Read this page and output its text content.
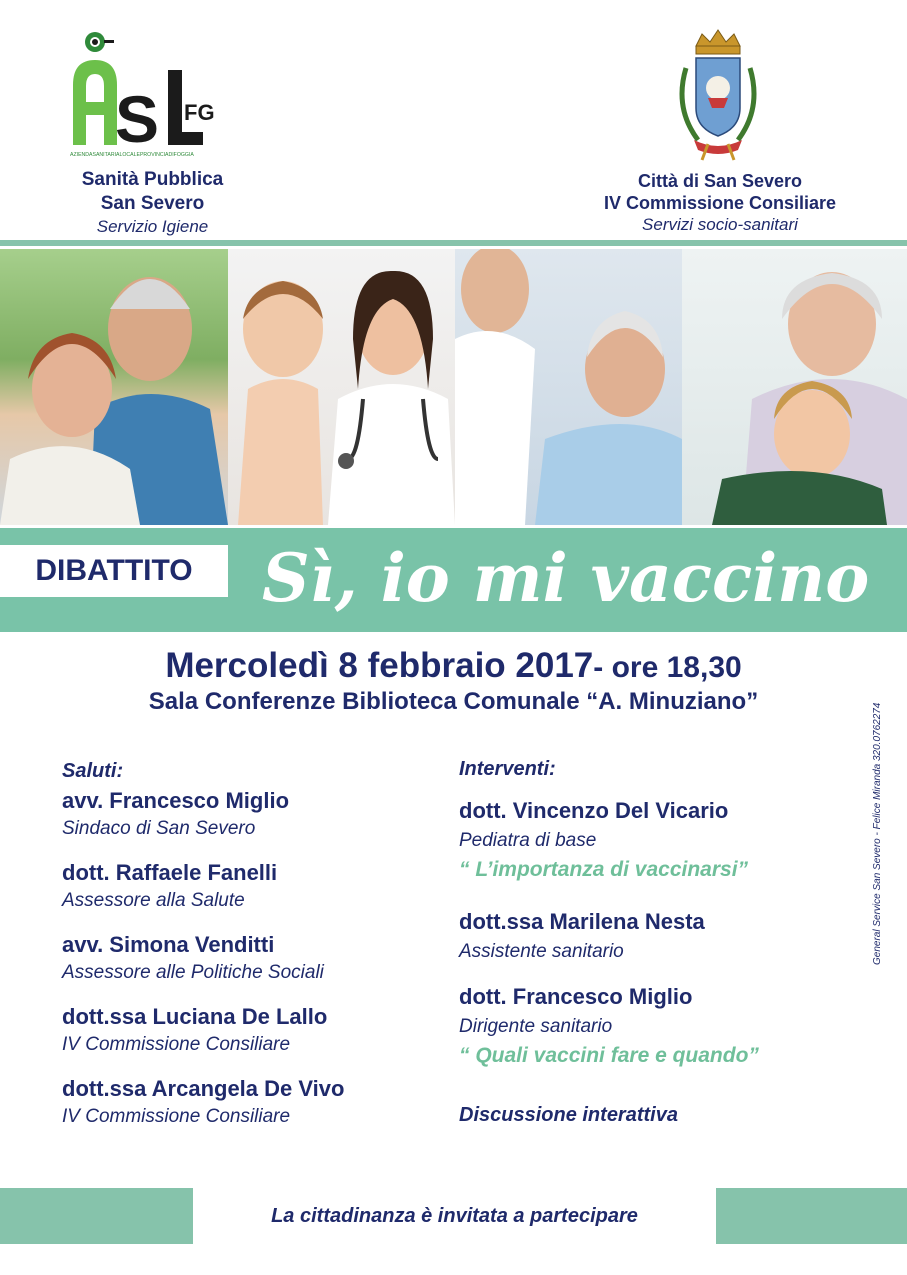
S FG
AZIENDASANITARIALOCALEPROVINCIADIFOGGIA
Sanità Pubblica
San Severo
Servizio Igiene
Città di San Severo
IV Commissione Consiliare
Servizi socio-sanitari
DIBATTITO	Sì, io mi vaccino
Mercoledì 8 febbraio 2017- ore 18,30
Sala Conferenze Biblioteca Comunale “A. Minuziano”
Saluti:
avv. Francesco Miglio
Sindaco di San Severo
dott. Raffaele Fanelli
Assessore alla Salute
avv. Simona Venditti
Assessore alle Politiche Sociali
dott.ssa Luciana De Lallo
IV Commissione Consiliare
dott.ssa Arcangela De Vivo
IV Commissione Consiliare
Interventi:
dott. Vincenzo Del Vicario
Pediatra di base
“ L’importanza di vaccinarsi”
dott.ssa Marilena Nesta
Assistente sanitario
dott. Francesco Miglio
Dirigente sanitario
“ Quali vaccini fare e quando”
Discussione interattiva
General Service San Severo - Felice Miranda 320.0762274
La cittadinanza è invitata a partecipare
